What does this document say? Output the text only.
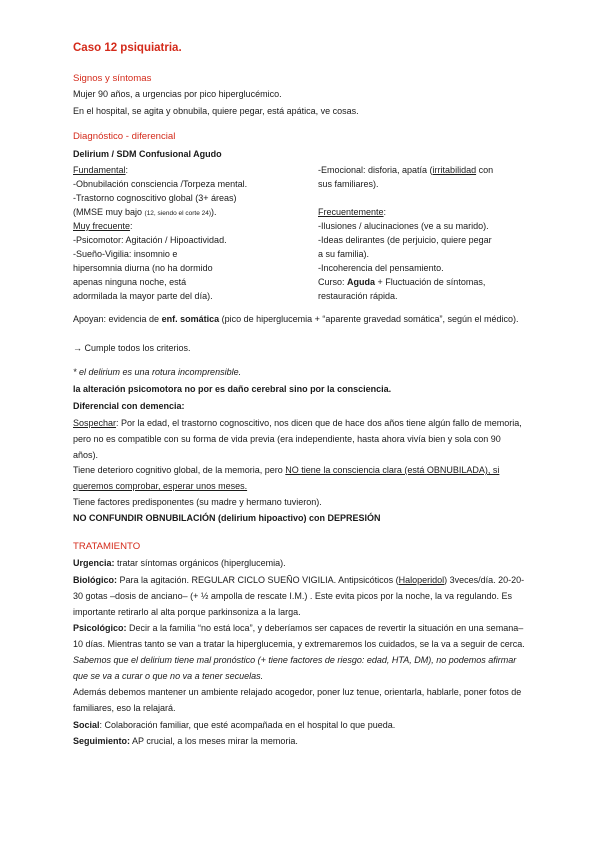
Caso 12 psiquiatria.
Signos y síntomas
Mujer 90 años, a urgencias por pico hiperglucémico.
En el hospital, se agita y obnubila, quiere pegar, está apática, ve cosas.
Diagnóstico - diferencial
Delirium / SDM Confusional Agudo
Fundamental:
-Obnubilación consciencia /Torpeza mental.
-Trastorno cognoscitivo global (3+ áreas)
(MMSE muy bajo (12, siendo el corte 24)).
Muy frecuente:
-Psicomotor: Agitación / Hipoactividad.
-Sueño-Vigilia: insomnio e
hipersomnia diurna (no ha dormido
apenas ninguna noche, está
adormilada la mayor parte del día).
-Emocional: disforia, apatía (irritabilidad con
sus familiares).
Frecuentemente:
-Ilusiones / alucinaciones (ve a su marido).
-Ideas delirantes (de perjuicio, quiere pegar
a su familia).
-Incoherencia del pensamiento.
Curso: Aguda + Fluctuación de síntomas,
restauración rápida.
Apoyan: evidencia de enf. somática (pico de hiperglucemia + “aparente gravedad somática”, según el médico).
→ Cumple todos los criterios.
* el delirium es una rotura incomprensible.
la alteración psicomotora no por es daño cerebral sino por la consciencia.
Diferencial con demencia:
Sospechar: Por la edad, el trastorno cognoscitivo, nos dicen que de hace dos años tiene algún fallo de memoria, pero no es compatible con su forma de vida previa (era independiente, hasta ahora vivía bien y sola con 90 años).
Tiene deterioro cognitivo global, de la memoria, pero NO tiene la consciencia clara (está OBNUBILADA), si queremos comprobar, esperar unos meses.
Tiene factores predisponentes (su madre y hermano tuvieron).
NO CONFUNDIR OBNUBILACIÓN (delirium hipoactivo) con DEPRESIÓN
TRATAMIENTO
Urgencia: tratar síntomas orgánicos (hiperglucemia).
Biológico: Para la agitación. REGULAR CICLO SUEÑO VIGILIA. Antipsicóticos (Haloperidol) 3veces/día. 20-20-30 gotas –dosis de anciano– (+ ½ ampolla de rescate I.M.) . Este evita picos por la noche, la va regulando. Es importante retirarlo al alta porque parkinsoniza a la larga.
Psicológico: Decir a la familia “no está loca”, y deberíamos ser capaces de revertir la situación en una semana– 10 días. Mientras tanto se van a tratar la hiperglucemia, y extremaremos los cuidados, se la va a seguir de cerca. Sabemos que el delirium tiene mal pronóstico (+ tiene factores de riesgo: edad, HTA, DM), no podemos afirmar que se va a curar o que no va a tener secuelas.
Además debemos mantener un ambiente relajado acogedor, poner luz tenue, orientarla, hablarle, poner fotos de familiares, eso la relajará.
Social: Colaboración familiar, que esté acompañada en el hospital lo que pueda.
Seguimiento: AP crucial, a los meses mirar la memoria.
